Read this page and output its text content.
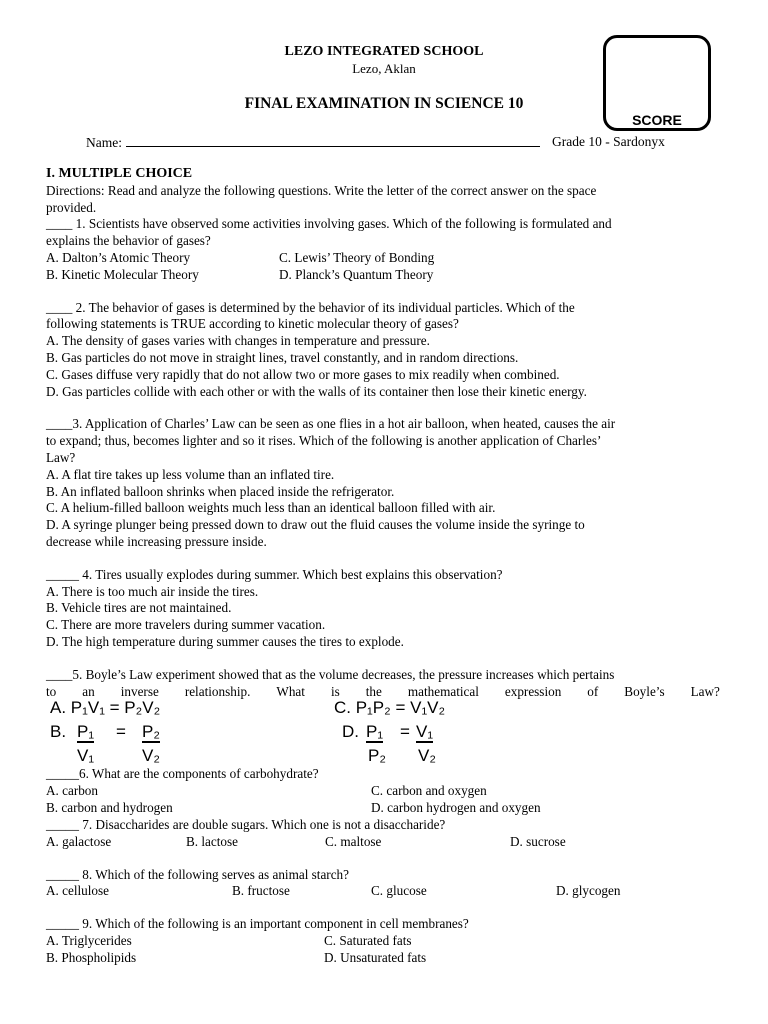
LEZO INTEGRATED SCHOOL
Lezo, Aklan
FINAL EXAMINATION IN SCIENCE 10
SCORE
Name:	Grade 10 - Sardonyx
I. MULTIPLE CHOICE
Directions: Read and analyze the following questions. Write the letter of the correct answer on the space
provided.
____ 1. Scientists have observed some activities involving gases. Which of the following is formulated and
explains the behavior of gases?
A. Dalton’s Atomic Theory	C. Lewis’ Theory of Bonding
B. Kinetic Molecular Theory	D. Planck’s Quantum Theory
____ 2. The behavior of gases is determined by the behavior of its individual particles. Which of the
following statements is TRUE according to kinetic molecular theory of gases?
A. The density of gases varies with changes in temperature and pressure.
B. Gas particles do not move in straight lines, travel constantly, and in random directions.
C. Gases diffuse very rapidly that do not allow two or more gases to mix readily when combined.
D. Gas particles collide with each other or with the walls of its container then lose their kinetic energy.
____3. Application of Charles’ Law can be seen as one flies in a hot air balloon, when heated, causes the air
to expand; thus, becomes lighter and so it rises. Which of the following is another application of Charles’
Law?
A. A flat tire takes up less volume than an inflated tire.
B. An inflated balloon shrinks when placed inside the refrigerator.
C. A helium-filled balloon weights much less than an identical balloon filled with air.
D. A syringe plunger being pressed down to draw out the fluid causes the volume inside the syringe to
decrease while increasing pressure inside.
_____ 4. Tires usually explodes during summer. Which best explains this observation?
A. There is too much air inside the tires.
B. Vehicle tires are not maintained.
C. There are more travelers during summer vacation.
D. The high temperature during summer causes the tires to explode.
____5. Boyle’s Law experiment showed that as the volume decreases, the pressure increases which pertains
to an inverse relationship. What is the mathematical expression of Boyle’s Law?
A. P₁V₁ = P₂V₂	C. P₁P₂ = V₁V₂
B. P₁ = P₂
V₁	V₂
D. P₁ = V₁
P₂ V₂
_____6. What are the components of carbohydrate?
A. carbon	C. carbon and oxygen
B. carbon and hydrogen	D. carbon hydrogen and oxygen
_____ 7. Disaccharides are double sugars. Which one is not a disaccharide?
A. galactose	B. lactose	C. maltose	D. sucrose
_____ 8. Which of the following serves as animal starch?
A. cellulose	B. fructose	C. glucose	D. glycogen
_____ 9. Which of the following is an important component in cell membranes?
A. Triglycerides	C. Saturated fats
B. Phospholipids	D. Unsaturated fats
